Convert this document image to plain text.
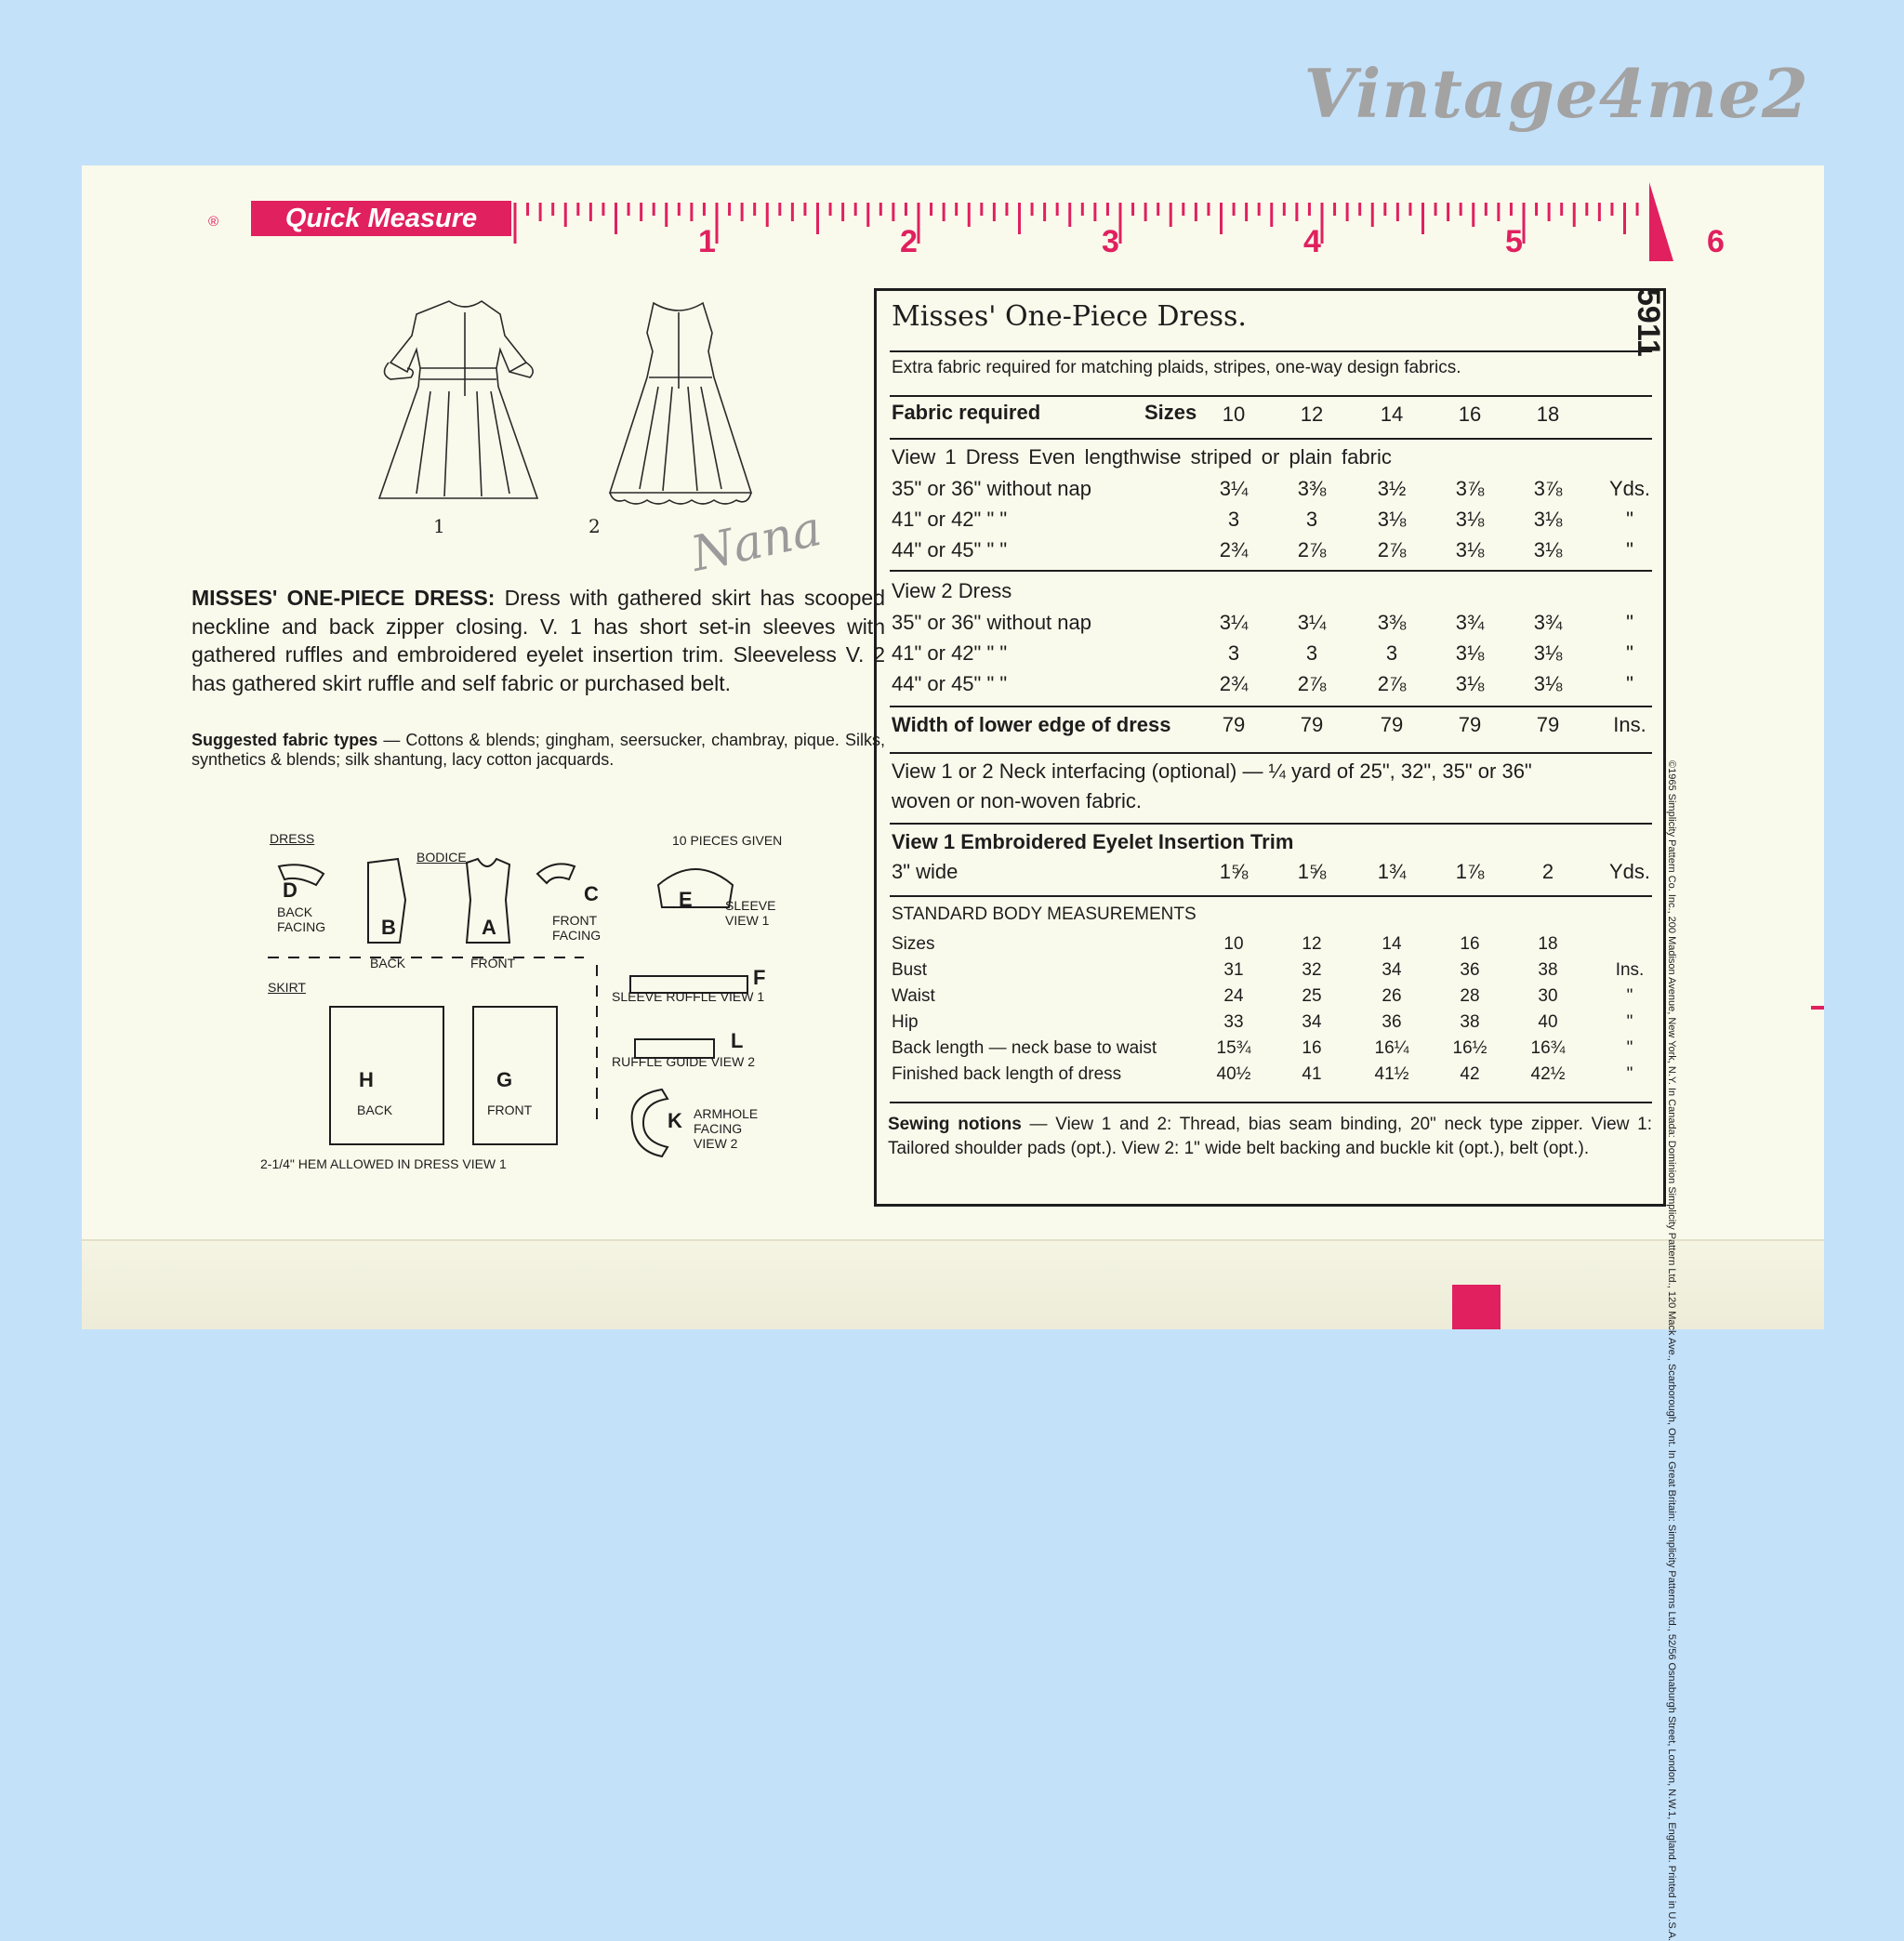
Vintage4me2
®	Quick Measure
1	2	3	4	5	6
1	2 Nana
MISSES' ONE-PIECE DRESS: Dress with gathered skirt has scooped neckline and back zipper closing. V. 1 has short set-in sleeves with gathered ruffles and embroidered eyelet insertion trim. Sleeveless V. 2 has gathered skirt ruffle and self fabric or purchased belt.
Suggested fabric types — Cottons & blends; gingham, seersucker, chambray, pique. Silks, synthetics & blends; silk shantung, lacy cotton jacquards.
DRESS
BODICE
10 PIECES GIVEN
D
BACK FACING	B
BACK
A
FRONT
C
FRONT FACING
E	SLEEVE VIEW 1
SKIRT
H
BACK
G
FRONT
F
SLEEVE RUFFLE VIEW 1
L
RUFFLE GUIDE VIEW 2
K ARMHOLE FACING VIEW 2
2-1/4" HEM ALLOWED IN DRESS VIEW 1
Misses' One-Piece Dress.
Extra fabric required for matching plaids, stripes, one-way design fabrics.
Fabric required	Sizes	10	12	14	16	18
View 1 Dress Even lengthwise striped or plain fabric
35" or 36" without nap	3¼	3⅜	3½	3⅞	3⅞	Yds.
41" or 42" " "	3	3	3⅛	3⅛	3⅛	"
44" or 45" " "	2¾	2⅞	2⅞	3⅛	3⅛	"
View 2 Dress
35" or 36" without nap	3¼	3¼	3⅜	3¾	3¾	"
41" or 42" " "	3	3	3	3⅛	3⅛	"
44" or 45" " "	2¾	2⅞	2⅞	3⅛	3⅛	"
Width of lower edge of dress	79	79	79	79	79	Ins.
View 1 or 2 Neck interfacing (optional) — ¼ yard of 25", 32", 35" or 36"
woven or non-woven fabric.
View 1 Embroidered Eyelet Insertion Trim
3" wide	1⅝	1⅝	1¾	1⅞	2	Yds.
STANDARD BODY MEASUREMENTS
Sizes	10	12	14	16	18
Bust	31	32	34	36	38	Ins.
Waist	24	25	26	28	30	"
Hip	33	34	36	38	40	"
Back length — neck base to waist	15¾	16	16¼	16½	16¾	"
Finished back length of dress	40½	41	41½	42	42½	"
Sewing notions — View 1 and 2: Thread, bias seam binding, 20" neck type zipper. View 1: Tailored shoulder pads (opt.). View 2: 1" wide belt backing and buckle kit (opt.), belt (opt.).
5911
©1965 Simplicity Pattern Co. Inc., 200 Madison Avenue, New York, N.Y. In Canada: Dominion Simplicity Pattern Ltd., 120 Mack Ave., Scarborough, Ont. In Great Britain: Simplicity Patterns Ltd., 52/56 Osnaburgh Street, London, N.W.1, England. Printed in U.S.A.
